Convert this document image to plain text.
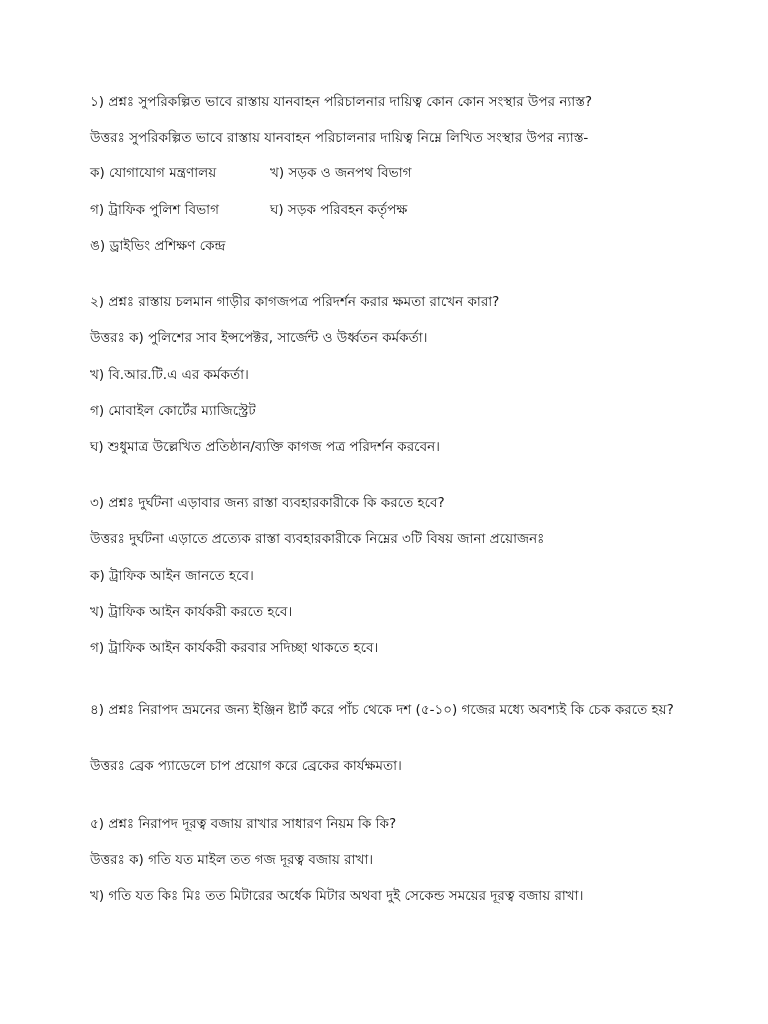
১) প্রশ্নঃ সুপরিকল্পিত ভাবে রাস্তায় যানবাহন পরিচালনার দায়িত্ব কোন কোন সংস্থার উপর ন্যাস্ত?
উত্তরঃ সুপরিকল্পিত ভাবে রাস্তায় যানবাহন পরিচালনার দায়িত্ব নিম্নে লিখিত সংস্থার উপর ন্যাস্ত-
ক) যোগাযোগ মন্ত্রণালয়	খ) সড়ক ও জনপথ বিভাগ
গ) ট্রাফিক পুলিশ বিভাগ	ঘ) সড়ক পরিবহন কর্তৃপক্ষ
ঙ) ড্রাইভিং প্রশিক্ষণ কেন্দ্র
২) প্রশ্নঃ রাস্তায় চলমান গাড়ীর কাগজপত্র পরিদর্শন করার ক্ষমতা রাখেন কারা?
উত্তরঃ ক) পুলিশের সাব ইন্সপেক্টর, সার্জেন্ট ও উর্ধ্বতন কর্মকর্তা।
খ) বি.আর.টি.এ এর কর্মকর্তা।
গ) মোবাইল কোর্টের ম্যাজিস্ট্রেট
ঘ) শুধুমাত্র উল্লেখিত প্রতিষ্ঠান/ব্যক্তি কাগজ পত্র পরিদর্শন করবেন।
৩) প্রশ্নঃ দুর্ঘটনা এড়াবার জন্য রাস্তা ব্যবহারকারীকে কি করতে হবে?
উত্তরঃ দুর্ঘটনা এড়াতে প্রত্যেক রাস্তা ব্যবহারকারীকে নিম্নের ৩টি বিষয় জানা প্রয়োজনঃ
ক) ট্রাফিক আইন জানতে হবে।
খ) ট্রাফিক আইন কার্যকরী করতে হবে।
গ) ট্রাফিক আইন কার্যকরী করবার সদিচ্ছা থাকতে হবে।
৪) প্রশ্নঃ নিরাপদ ভ্রমনের জন্য ইঞ্জিন ষ্টার্ট করে পাঁচ থেকে দশ (৫-১০) গজের মধ্যে অবশ্যই কি চেক করতে হয়?
উত্তরঃ ব্রেক প্যাডেলে চাপ প্রয়োগ করে ব্রেকের কার্যক্ষমতা।
৫) প্রশ্নঃ নিরাপদ দূরত্ব বজায় রাখার সাধারণ নিয়ম কি কি?
উত্তরঃ ক) গতি যত মাইল তত গজ দূরত্ব বজায় রাখা।
খ) গতি যত কিঃ মিঃ তত মিটারের অর্ধেক মিটার অথবা দুই সেকেন্ড সময়ের দূরত্ব বজায় রাখা।
